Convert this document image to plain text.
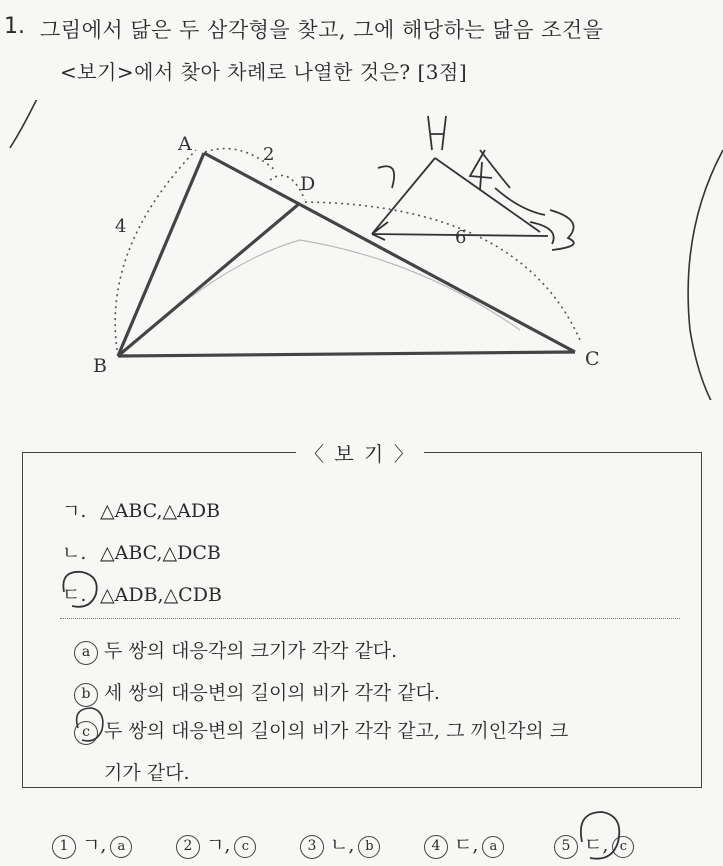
1. 그림에서 닮은 두 삼각형을 찾고, 그에 해당하는 닮음 조건을
<보기>에서 찾아 차례로 나열한 것은? [3점]
A
B	C
D
2
4
6
〈 보 기 〉
ㄱ. △ABC,△ADB
ㄴ. △ABC,△DCB
ㄷ. △ADB,△CDB
a 두 쌍의 대응각의 크기가 각각 같다.
b 세 쌍의 대응변의 길이의 비가 각각 같다.
c 두 쌍의 대응변의 길이의 비가 각각 같고, 그 끼인각의 크
기가 같다.
1 ㄱ, a	2 ㄱ, c	3 ㄴ, b	4 ㄷ, a	5 ㄷ, c
